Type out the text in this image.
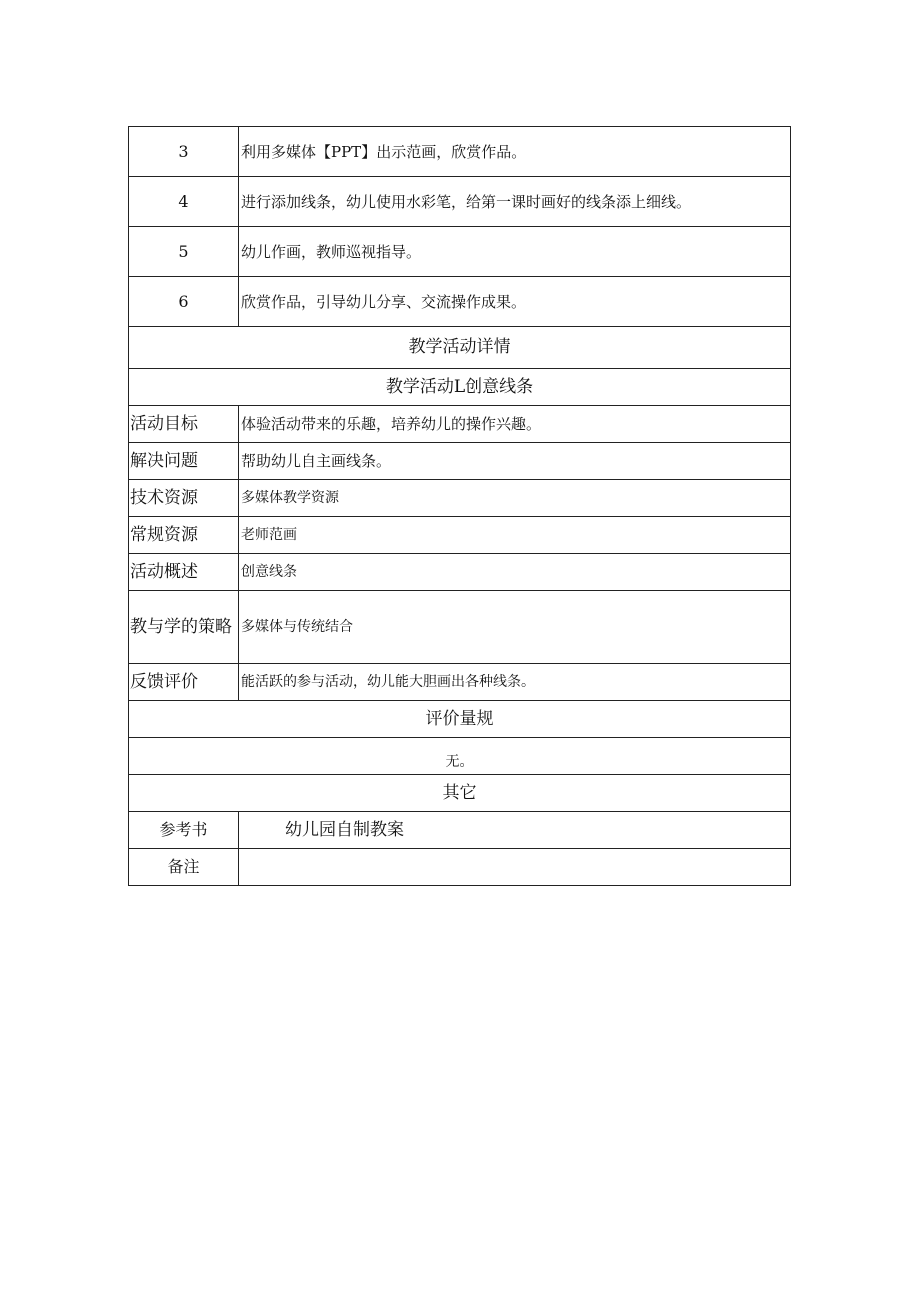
3	利用多媒体【PPT】出示范画，欣赏作品。
4	进行添加线条，幼儿使用水彩笔，给第一课时画好的线条添上细线。
5	幼儿作画，教师巡视指导。
6	欣赏作品，引导幼儿分享、交流操作成果。
教学活动详情	
教学活动L创意线条	
活动目标	体验活动带来的乐趣，培养幼儿的操作兴趣。
解决问题	帮助幼儿自主画线条。
技术资源	多媒体教学资源
常规资源	老师范画
活动概述	创意线条
教与学的策略	多媒体与传统结合
反馈评价	能活跃的参与活动，幼儿能大胆画出各种线条。
评价量规	
无。	
其它	
参考书	幼儿园自制教案
备注	
